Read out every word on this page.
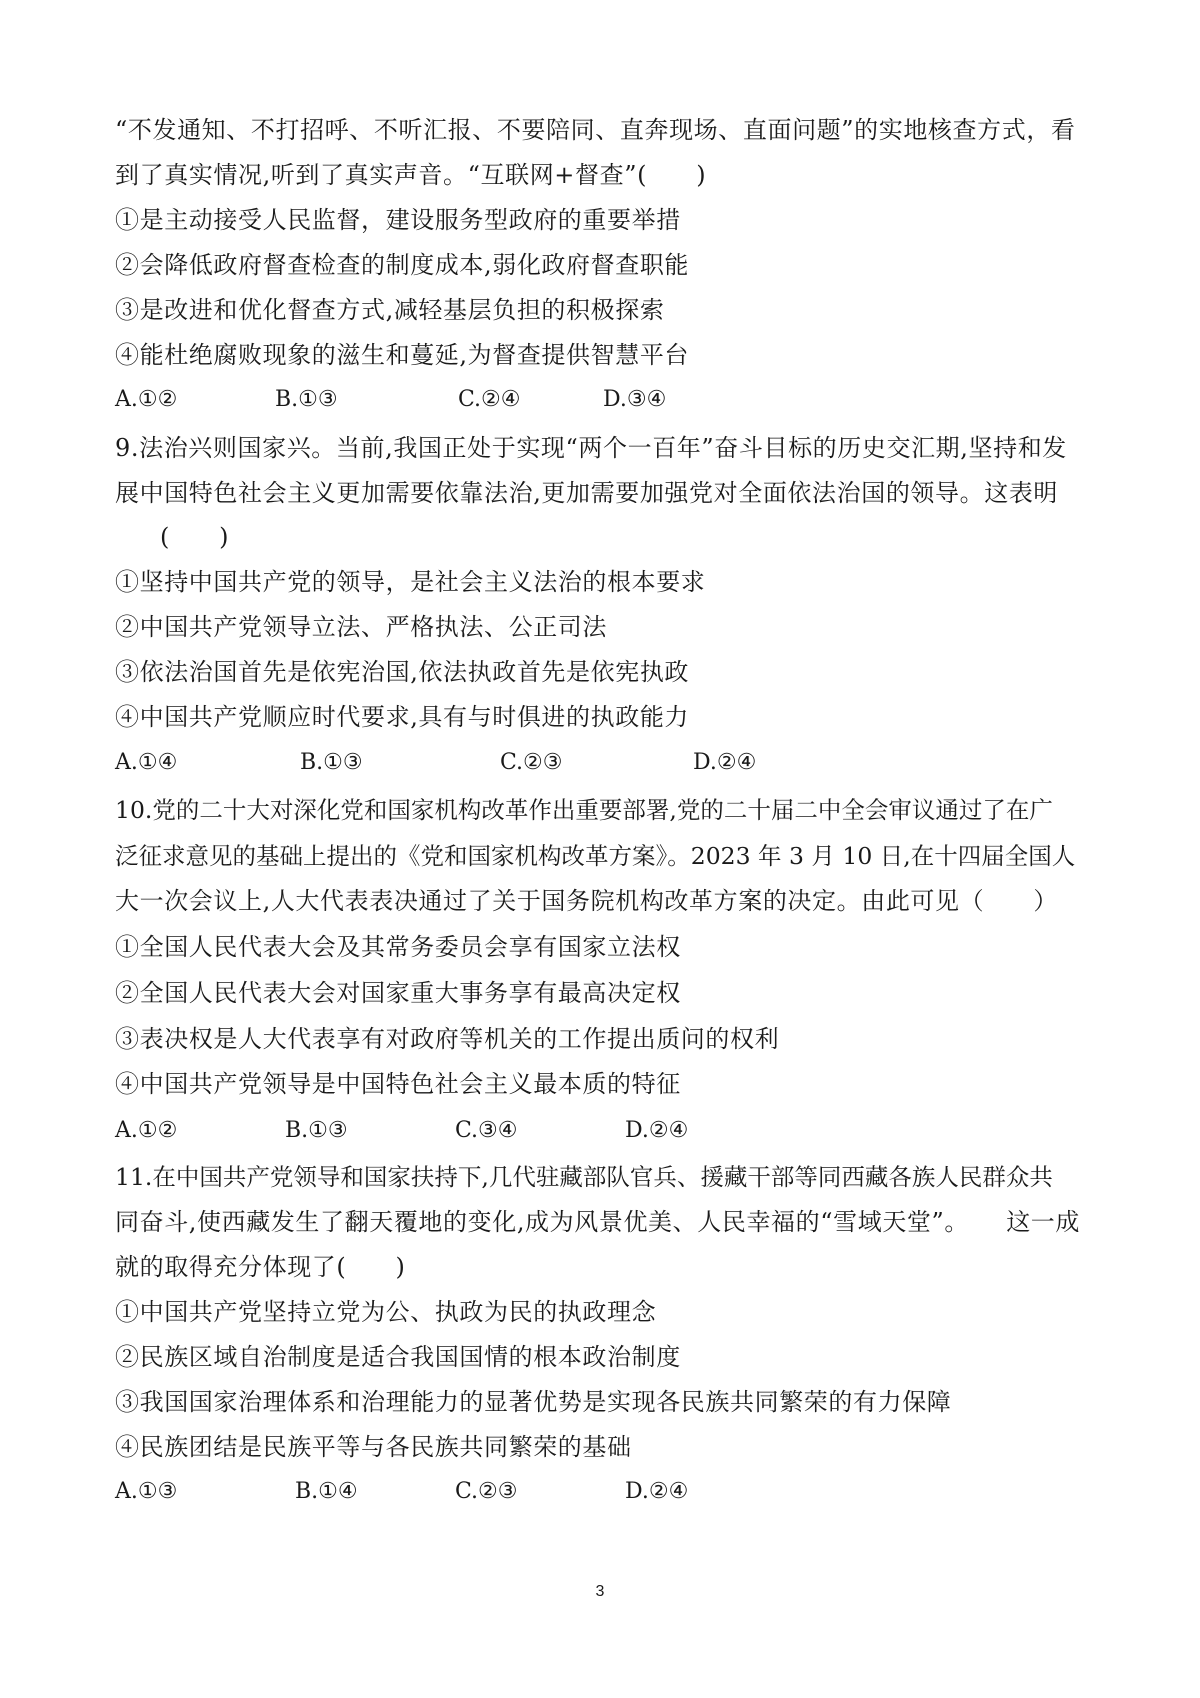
“不发通知、不打招呼、不听汇报、不要陪同、直奔现场、直面问题”的实地核查方式，看
到了真实情况,听到了真实声音。“互联网+督查”(　　)
①是主动接受人民监督，建设服务型政府的重要举措
②会降低政府督查检查的制度成本,弱化政府督查职能
③是改进和优化督查方式,减轻基层负担的积极探索
④能杜绝腐败现象的滋生和蔓延,为督查提供智慧平台
A.①②	B.①③	C.②④	D.③④
9.法治兴则国家兴。当前,我国正处于实现“两个一百年”奋斗目标的历史交汇期,坚持和发
展中国特色社会主义更加需要依靠法治,更加需要加强党对全面依法治国的领导。这表明
(　　)
①坚持中国共产党的领导，是社会主义法治的根本要求
②中国共产党领导立法、严格执法、公正司法
③依法治国首先是依宪治国,依法执政首先是依宪执政
④中国共产党顺应时代要求,具有与时俱进的执政能力
A.①④	B.①③	C.②③	D.②④
10.党的二十大对深化党和国家机构改革作出重要部署,党的二十届二中全会审议通过了在广
泛征求意见的基础上提出的《党和国家机构改革方案》。2023 年 3 月 10 日,在十四届全国人
大一次会议上,人大代表表决通过了关于国务院机构改革方案的决定。由此可见（　　）
①全国人民代表大会及其常务委员会享有国家立法权
②全国人民代表大会对国家重大事务享有最高决定权
③表决权是人大代表享有对政府等机关的工作提出质问的权利
④中国共产党领导是中国特色社会主义最本质的特征
A.①②	B.①③	C.③④	D.②④
11.在中国共产党领导和国家扶持下,几代驻藏部队官兵、援藏干部等同西藏各族人民群众共
同奋斗,使西藏发生了翻天覆地的变化,成为风景优美、人民幸福的“雪域天堂”。　　这一成
就的取得充分体现了(　　)
①中国共产党坚持立党为公、执政为民的执政理念
②民族区域自治制度是适合我国国情的根本政治制度
③我国国家治理体系和治理能力的显著优势是实现各民族共同繁荣的有力保障
④民族团结是民族平等与各民族共同繁荣的基础
A.①③	B.①④	C.②③	D.②④
3
